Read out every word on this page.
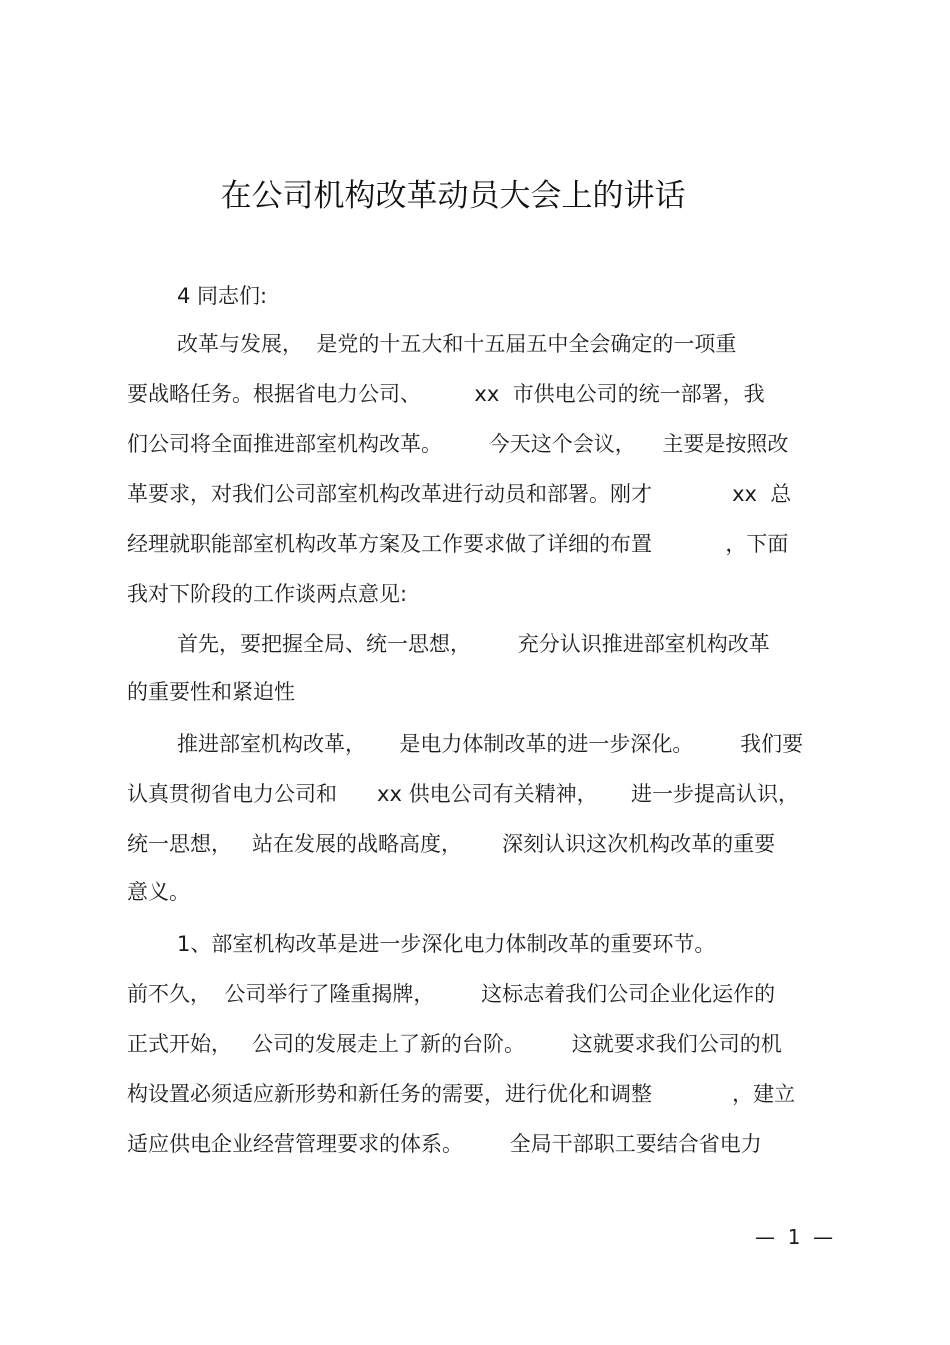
在公司机构改革动员大会上的讲话
4 同志们:
改革与发展，  是党的十五大和十五届五中全会确定的一项重
要战略任务。根据省电力公司、        xx  市供电公司的统一部署，我
们公司将全面推进部室机构改革。       今天这个会议，    主要是按照改
革要求，对我们公司部室机构改革进行动员和部署。刚才            xx  总
经理就职能部室机构改革方案及工作要求做了详细的布置           ，下面
我对下阶段的工作谈两点意见:
首先，要把握全局、统一思想，       充分认识推进部室机构改革
的重要性和紧迫性
推进部室机构改革，     是电力体制改革的进一步深化。       我们要
认真贯彻省电力公司和      xx 供电公司有关精神，     进一步提高认识，
统一思想，   站在发展的战略高度，      深刻认识这次机构改革的重要
意义。
1、部室机构改革是进一步深化电力体制改革的重要环节。
前不久，  公司举行了隆重揭牌，       这标志着我们公司企业化运作的
正式开始，   公司的发展走上了新的台阶。       这就要求我们公司的机
构设置必须适应新形势和新任务的需要，进行优化和调整            ，建立
适应供电企业经营管理要求的体系。       全局干部职工要结合省电力
—  1  —
